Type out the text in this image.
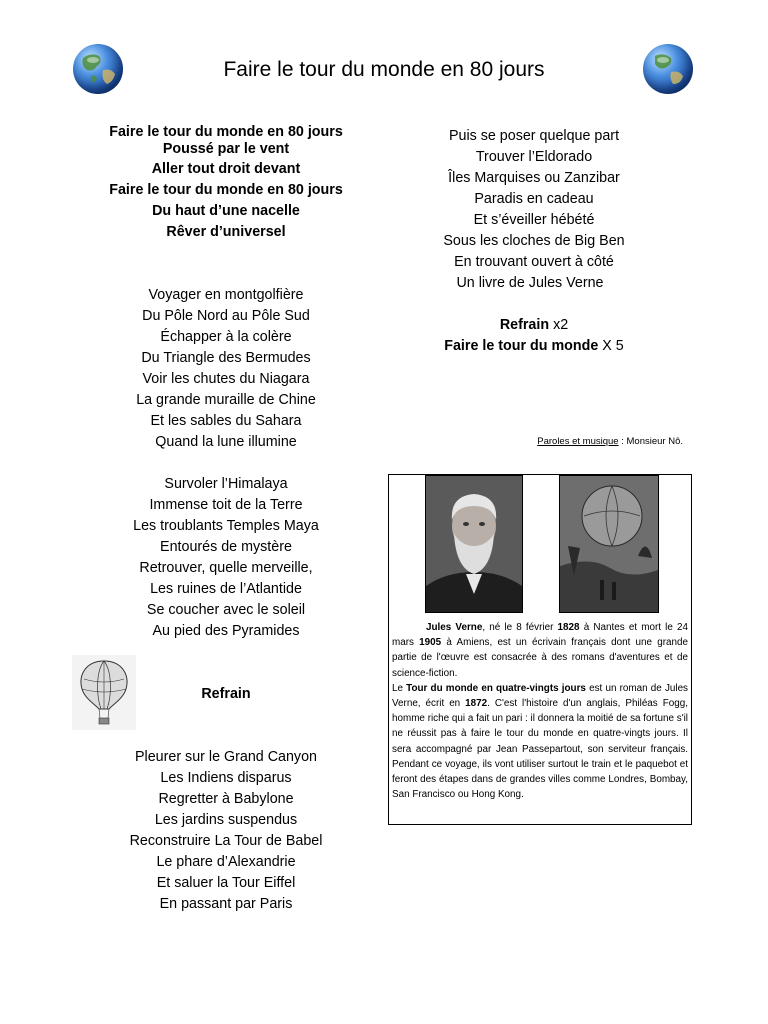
Faire le tour du monde en 80 jours
Faire le tour du monde en 80 jours
Poussé par le vent
Aller tout droit devant
Faire le tour du monde en 80 jours
Du haut d’une nacelle
Rêver d’universel
Voyager en montgolfière
Du Pôle Nord au Pôle Sud
Échapper à la colère
Du Triangle des Bermudes
Voir les chutes du Niagara
La grande muraille de Chine
Et les sables du Sahara
Quand la lune illumine
Survoler l’Himalaya
Immense toit de la Terre
Les troublants Temples Maya
Entourés de mystère
Retrouver, quelle merveille,
Les ruines de l’Atlantide
Se coucher avec le soleil
Au pied des Pyramides
Refrain
Pleurer sur le Grand Canyon
Les Indiens disparus
Regretter à Babylone
Les jardins suspendus
Reconstruire La Tour de Babel
Le phare d’Alexandrie
Et saluer la Tour Eiffel
En passant par Paris
Puis se poser quelque part
Trouver l’Eldorado
Îles Marquises ou Zanzibar
Paradis en cadeau
Et s’éveiller hébété
Sous les cloches de Big Ben
En trouvant ouvert à côté
Un livre de Jules Verne
Refrain x2
Faire le tour du monde X 5
Paroles et musique : Monsieur Nô.
Jules Verne, né le 8 février 1828 à Nantes et mort le 24 mars 1905 à Amiens, est un écrivain français dont une grande partie de l'œuvre est consacrée à des romans d'aventures et de science-fiction.
Le Tour du monde en quatre-vingts jours est un roman de Jules Verne, écrit en 1872. C'est l'histoire d'un anglais, Philéas Fogg, homme riche qui a fait un pari : il donnera la moitié de sa fortune s'il ne réussit pas à faire le tour du monde en quatre-vingts jours. Il sera accompagné par Jean Passepartout, son serviteur français. Pendant ce voyage, ils vont utiliser surtout le train et le paquebot et feront des étapes dans de grandes villes comme Londres, Bombay, San Francisco ou Hong Kong.
